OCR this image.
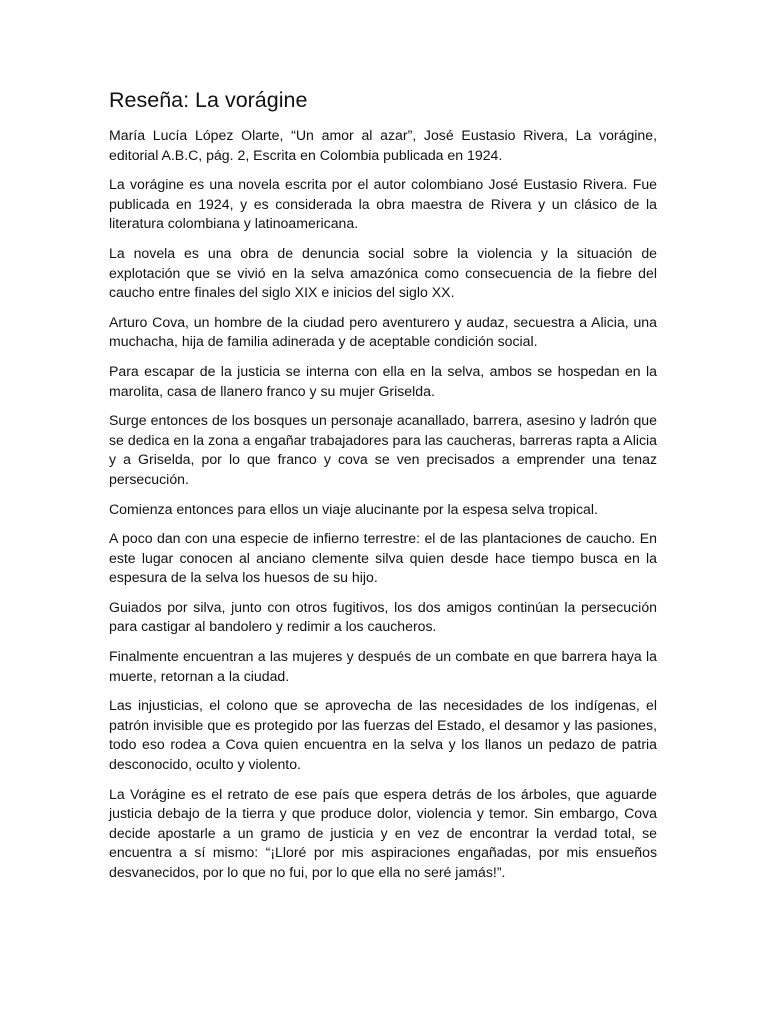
Reseña: La vorágine

María Lucía López Olarte, “Un amor al azar”, José Eustasio Rivera, La vorágine, editorial A.B.C, pág. 2, Escrita en Colombia publicada en 1924.

La vorágine es una novela escrita por el autor colombiano José Eustasio Rivera. Fue publicada en 1924, y es considerada la obra maestra de Rivera y un clásico de la literatura colombiana y latinoamericana.

La novela es una obra de denuncia social sobre la violencia y la situación de explotación que se vivió en la selva amazónica como consecuencia de la fiebre del caucho entre finales del siglo XIX e inicios del siglo XX.

Arturo Cova, un hombre de la ciudad pero aventurero y audaz, secuestra a Alicia, una muchacha, hija de familia adinerada y de aceptable condición social.

Para escapar de la justicia se interna con ella en la selva, ambos se hospedan en la marolita, casa de llanero franco y su mujer Griselda.

Surge entonces de los bosques un personaje acanallado, barrera, asesino y ladrón que se dedica en la zona a engañar trabajadores para las caucheras, barreras rapta a Alicia y a Griselda, por lo que franco y cova se ven precisados a emprender una tenaz persecución.

Comienza entonces para ellos un viaje alucinante por la espesa selva tropical.

A poco dan con una especie de infierno terrestre: el de las plantaciones de caucho. En este lugar conocen al anciano clemente silva quien desde hace tiempo busca en la espesura de la selva los huesos de su hijo.

Guiados por silva, junto con otros fugitivos, los dos amigos continúan la persecución para castigar al bandolero y redimir a los caucheros.

Finalmente encuentran a las mujeres y después de un combate en que barrera haya la muerte, retornan a la ciudad.

Las injusticias, el colono que se aprovecha de las necesidades de los indígenas, el patrón invisible que es protegido por las fuerzas del Estado, el desamor y las pasiones, todo eso rodea a Cova quien encuentra en la selva y los llanos un pedazo de patria desconocido, oculto y violento.

La Vorágine es el retrato de ese país que espera detrás de los árboles, que aguarde justicia debajo de la tierra y que produce dolor, violencia y temor. Sin embargo, Cova decide apostarle a un gramo de justicia y en vez de encontrar la verdad total, se encuentra a sí mismo: “¡Lloré por mis aspiraciones engañadas, por mis ensueños desvanecidos, por lo que no fui, por lo que ella no seré jamás!”.
